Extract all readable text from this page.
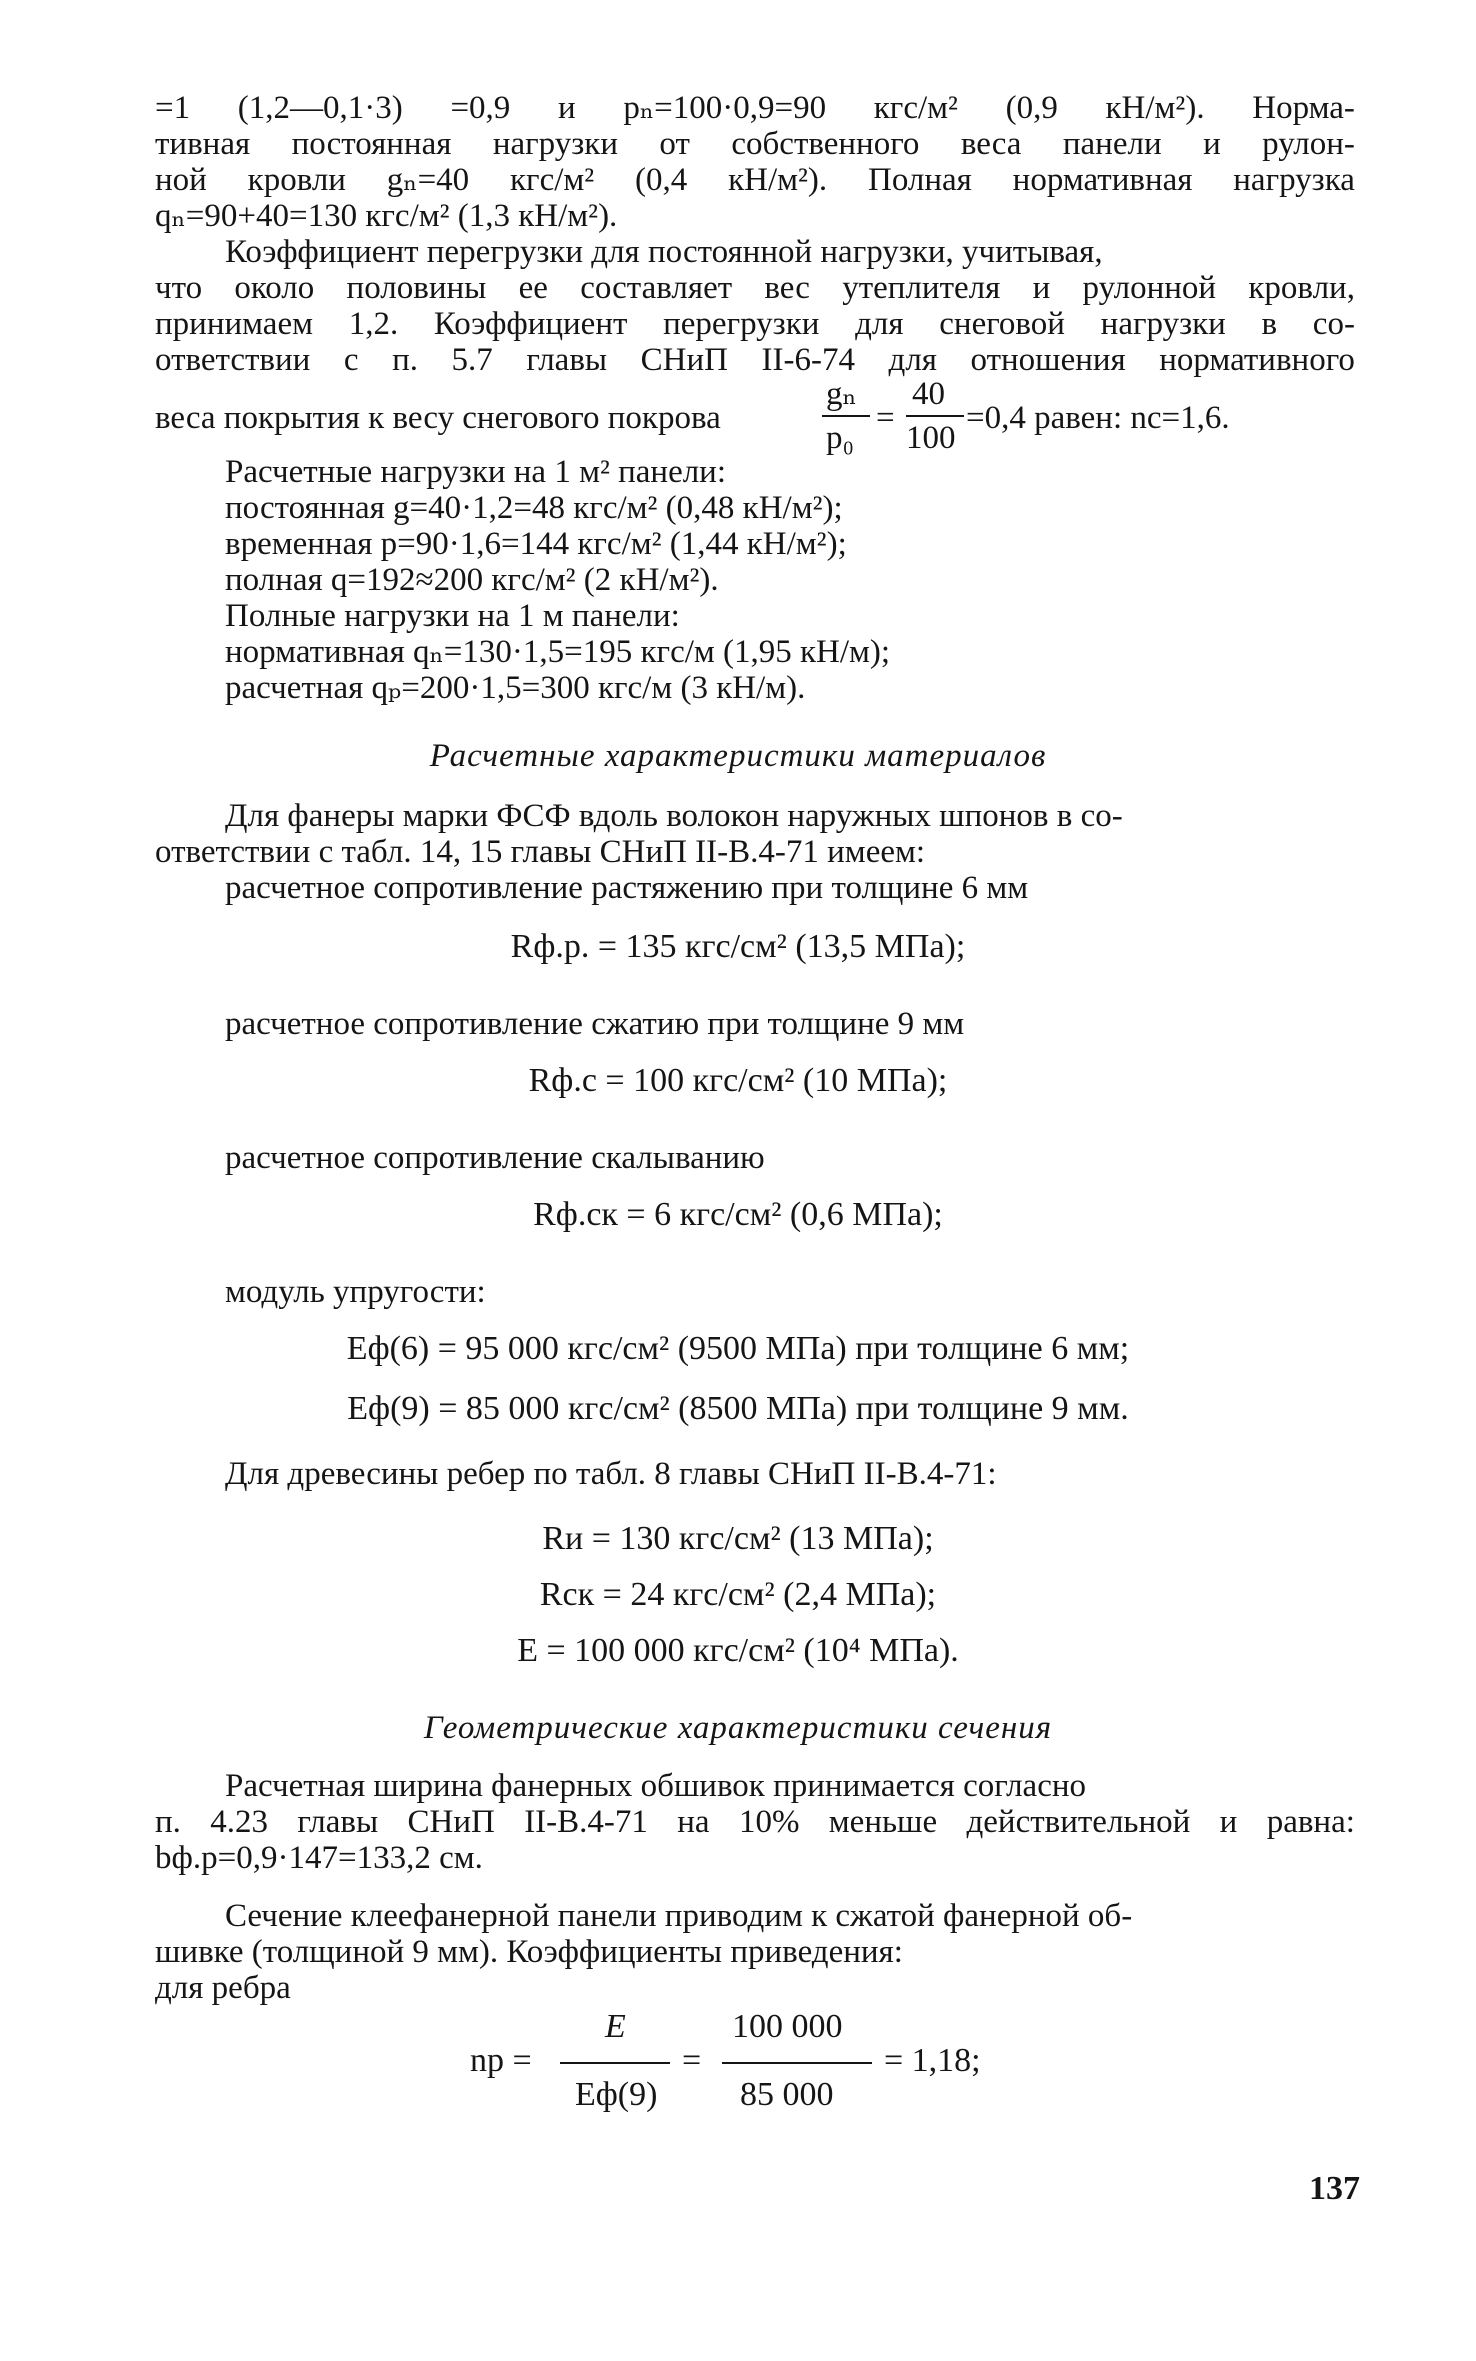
=1 (1,2—0,1·3) =0,9 и pₙ=100·0,9=90 кгс/м² (0,9 кН/м²). Норма-
тивная постоянная нагрузки от собственного веса панели и рулон-
ной кровли gₙ=40 кгс/м² (0,4 кН/м²). Полная нормативная нагрузка
qₙ=90+40=130 кгс/м² (1,3 кН/м²).
Коэффициент перегрузки для постоянной нагрузки, учитывая,
что около половины ее составляет вес утеплителя и рулонной кровли,
принимаем 1,2. Коэффициент перегрузки для снеговой нагрузки в со-
ответствии с п. 5.7 главы СНиП II-6-74 для отношения нормативного
веса покрытия к весу снегового покрова
gₙ
p₀
=
40
100
=0,4 равен: nc=1,6.
Расчетные нагрузки на 1 м² панели:
постоянная g=40·1,2=48 кгс/м² (0,48 кН/м²);
временная p=90·1,6=144 кгс/м² (1,44 кН/м²);
полная q=192≈200 кгс/м² (2 кН/м²).
Полные нагрузки на 1 м панели:
нормативная qₙ=130·1,5=195 кгс/м (1,95 кН/м);
расчетная qₚ=200·1,5=300 кгс/м (3 кН/м).
Расчетные характеристики материалов
Для фанеры марки ФСФ вдоль волокон наружных шпонов в со-
ответствии с табл. 14, 15 главы СНиП II-В.4-71 имеем:
расчетное сопротивление растяжению при толщине 6 мм
Rф.р. = 135 кгс/см² (13,5 МПа);
расчетное сопротивление сжатию при толщине 9 мм
Rф.с = 100 кгс/см² (10 МПа);
расчетное сопротивление скалыванию
Rф.ск = 6 кгс/см² (0,6 МПа);
модуль упругости:
Eф(6) = 95 000 кгс/см² (9500 МПа) при толщине 6 мм;
Eф(9) = 85 000 кгс/см² (8500 МПа) при толщине 9 мм.
Для древесины ребер по табл. 8 главы СНиП II-В.4-71:
Rи = 130 кгс/см² (13 МПа);
Rск = 24 кгс/см² (2,4 МПа);
E = 100 000 кгс/см² (10⁴ МПа).
Геометрические характеристики сечения
Расчетная ширина фанерных обшивок принимается согласно
п. 4.23 главы СНиП II-В.4-71 на 10% меньше действительной и равна:
bф.р=0,9·147=133,2 см.
Сечение клеефанерной панели приводим к сжатой фанерной об-
шивке (толщиной 9 мм). Коэффициенты приведения:
для ребра
nр =
E
Eф(9)
=
100 000
85 000
= 1,18;
137
